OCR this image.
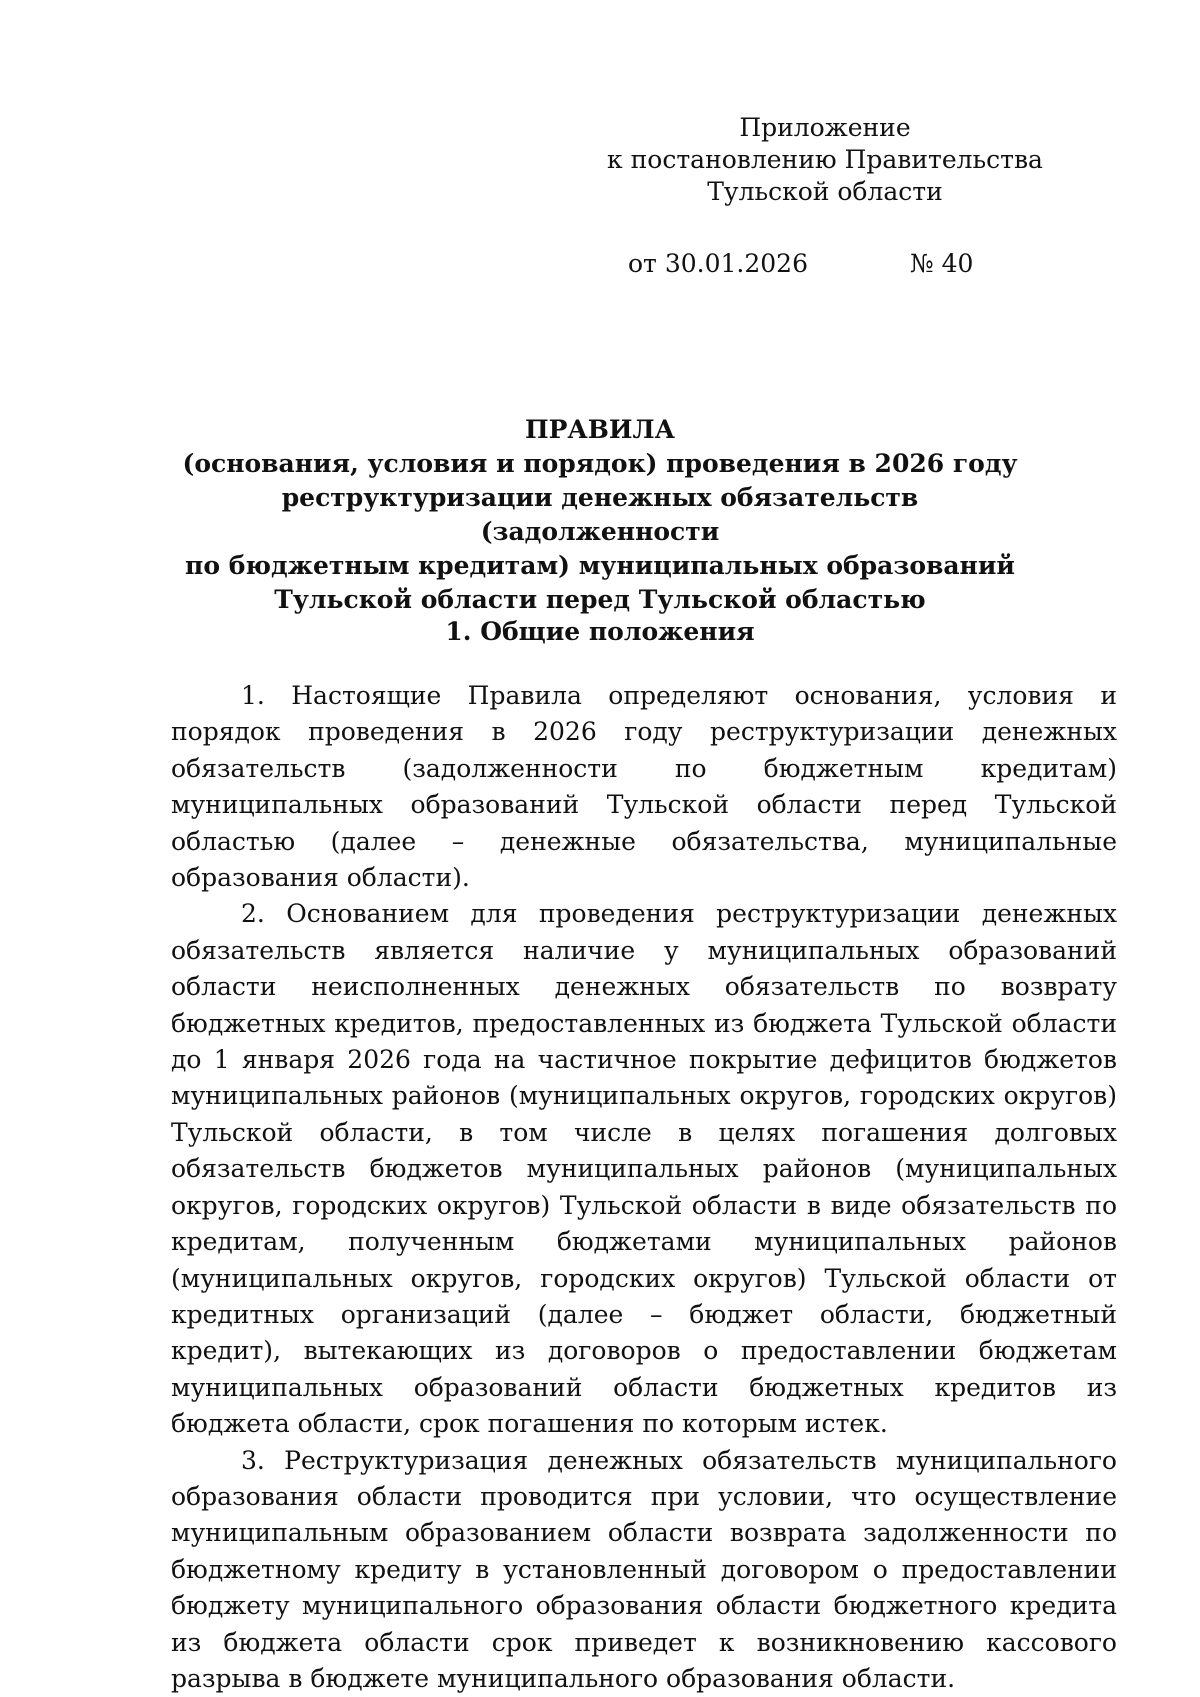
Приложение
к постановлению Правительства
Тульской области
от 30.01.2026	№ 40
ПРАВИЛА
(основания, условия и порядок) проведения в 2026 году
реструктуризации денежных обязательств (задолженности
по бюджетным кредитам) муниципальных образований
Тульской области перед Тульской областью
1. Общие положения

1. Настоящие Правила определяют основания, условия и порядок проведения в 2026 году реструктуризации денежных обязательств (задолженности по бюджетным кредитам) муниципальных образований Тульской области перед Тульской областью (далее – денежные обязательства, муниципальные образования области).

2. Основанием для проведения реструктуризации денежных обязательств является наличие у муниципальных образований области неисполненных денежных обязательств по возврату бюджетных кредитов, предоставленных из бюджета Тульской области до 1 января 2026 года на частичное покрытие дефицитов бюджетов муниципальных районов (муниципальных округов, городских округов) Тульской области, в том числе в целях погашения долговых обязательств бюджетов муниципальных районов (муниципальных округов, городских округов) Тульской области в виде обязательств по кредитам, полученным бюджетами муниципальных районов (муниципальных округов, городских округов) Тульской области от кредитных организаций (далее – бюджет области, бюджетный кредит), вытекающих из договоров о предоставлении бюджетам муниципальных образований области бюджетных кредитов из бюджета области, срок погашения по которым истек.

3. Реструктуризация денежных обязательств муниципального образования области проводится при условии, что осуществление муниципальным образованием области возврата задолженности по бюджетному кредиту в установленный договором о предоставлении бюджету муниципального образования области бюджетного кредита из бюджета области срок приведет к возникновению кассового разрыва в бюджете муниципального образования области.
